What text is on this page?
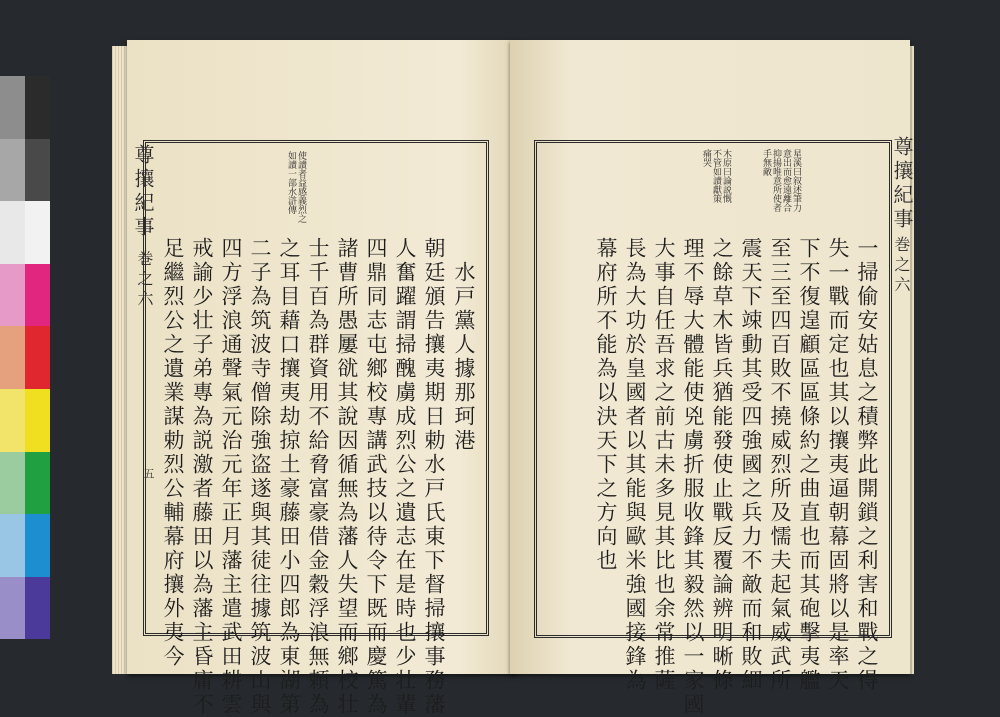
尊攘紀事
巻之六
五
使讀者益感義烈之
如讀一部水滸傳
水戸黨人據那珂港
朝廷頒告攘夷期日勅水戸氏東下督掃攘事務藩
人奮躍謂掃醜虜成烈公之遺志在是時也少壮輩
四鼎同志屯鄉校專講武技以待令下既而慶篤為
諸曹所愚屢㞃其說因循無為藩人失望而鄉校壮
士千百為群資用不給脅富豪借金穀浮浪無頼為
之耳目藉口攘夷劫掠土豪藤田小四郎為東湖第
二子為筑波寺僧除強盗遂與其徒往據筑波山與
四方浮浪通聲氣元治元年正月藩主遣武田耕雲
戒諭少壮子弟專為説激者藤田以為藩主昏庸不
足繼烈公之遺業謀勅烈公輔幕府攘外夷今
星溪曰叙述筆力
意出而愈遠離合
抑揚唯意所使者
手無敵
木原曰論説慨
不管如讀獻策
痛哭
一掃偷安姑息之積弊此開鎖之利害和戰之得
失一戰而定也其以攘夷逼朝幕固將以是率天
下不復遑顧區區條約之曲直也而其砲擊夷艦
至三至四百敗不撓威烈所及懦夫起氣威武所
震天下竦動其受四強國之兵力不敵而和敗細
之餘草木皆兵猶能發使止戰反覆論辨明晰條
理不辱大體能使兇虜折服收鋒其毅然以一家國
大事自任吾求之前古未多見其比也余常推薩
長為大功於皇國者以其能與歐米強國接鋒為
幕府所不能為以決天下之方向也
尊攘紀事
巻之六
